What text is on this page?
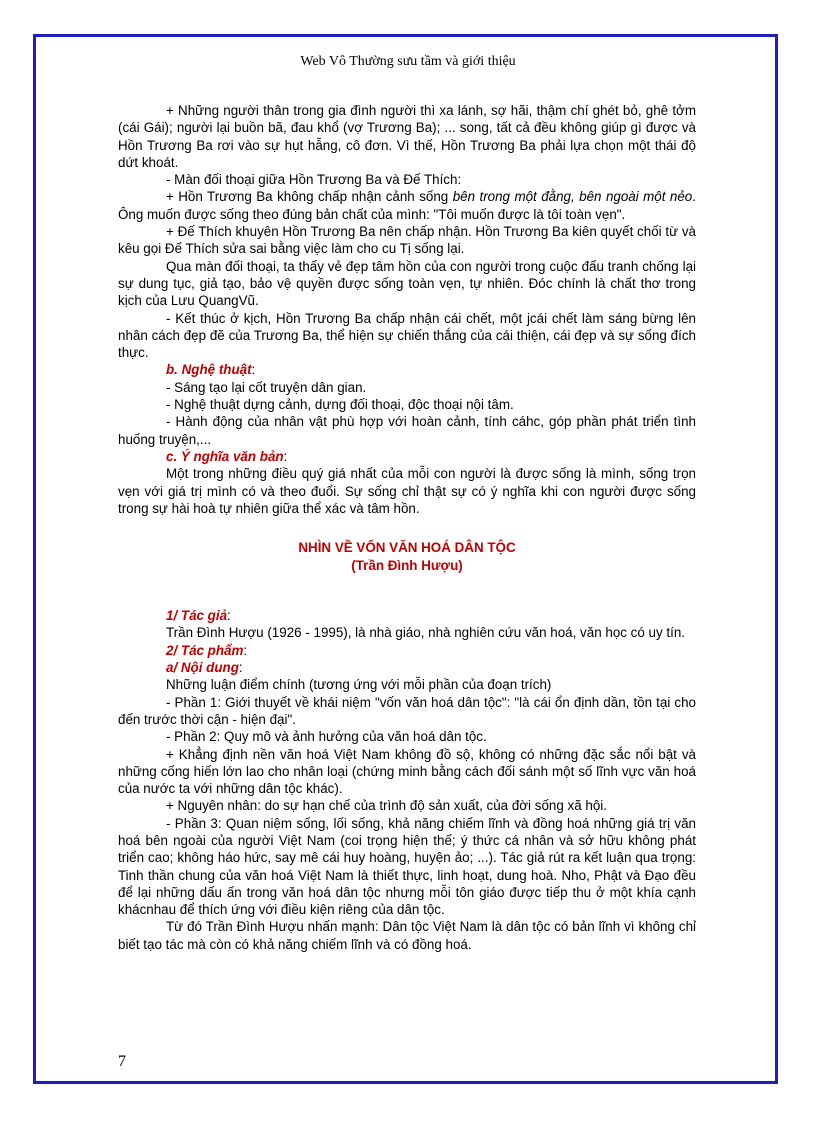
Web Vô Thường sưu tầm và giới thiệu

+ Những người thân trong gia đình người thì xa lánh, sợ hãi, thậm chí ghét bỏ, ghê tởm (cái Gái); người lại buồn bã, đau khổ (vợ Trương Ba); ... song, tất cả đều không giúp gì được và Hồn Trương Ba rơi vào sự hụt hẫng, cô đơn. Vì thế, Hồn Trương Ba phải lựa chọn một thái độ dứt khoát.

- Màn đối thoại giữa Hồn Trương Ba và Đế Thích:

+ Hồn Trương Ba không chấp nhận cảnh sống bên trong một đằng, bên ngoài một nẻo. Ông muốn được sống theo đúng bản chất của mình: "Tôi muốn được là tôi toàn vẹn".

+ Đế Thích khuyên Hồn Trương Ba nên chấp nhận. Hồn Trương Ba kiên quyết chối từ và kêu gọi Đế Thích sửa sai bằng việc làm cho cu Tị sống lại.

Qua màn đối thoại, ta thấy vẻ đẹp tâm hồn của con người trong cuộc đấu tranh chống lại sự dung tục, giả tạo, bảo vệ quyền được sống toàn vẹn, tự nhiên. Đóc chính là chất thơ trong kịch của Lưu QuangVũ.

- Kết thúc ở kịch, Hồn Trương Ba chấp nhận cái chết, một jcái chết làm sáng bừng lên nhân cách đẹp đẽ của Trương Ba, thể hiện sự chiến thắng của cái thiện, cái đẹp và sự sống đích thực.

b. Nghệ thuật:

- Sáng tạo lại cốt truyện dân gian.

- Nghệ thuật dựng cảnh, dựng đối thoại, độc thoại nội tâm.

- Hành động của nhân vật phù hợp với hoàn cảnh, tính cáhc, góp phần phát triển tình huống truyện,...

c. Ý nghĩa văn bản:

Một trong những điều quý giá nhất của mỗi con người là được sống là mình, sống trọn vẹn với giá trị mình có và theo đuổi. Sự sống chỉ thật sự có ý nghĩa khi con người được sống trong sự hài hoà tự nhiên giữa thể xác và tâm hồn.

NHÌN VỀ VỐN VĂN HOÁ DÂN TỘC
(Trần Đình Hượu)

1/ Tác giả:

Trần Đình Hượu (1926 - 1995), là nhà giáo, nhà nghiên cứu văn hoá, văn học có uy tín.

2/ Tác phẩm:

a/ Nội dung:

Những luận điểm chính (tương ứng với mỗi phần của đoạn trích)

- Phần 1: Giới thuyết về khái niệm "vốn văn hoá dân tộc": "là cái ổn định dần, tồn tại cho đến trước thời cận - hiện đại".

- Phần 2: Quy mô và ảnh hưởng của văn hoá dân tộc.

+ Khẳng định nền văn hoá Việt Nam không đồ sộ, không có những đặc sắc nổi bật và những cống hiến lớn lao cho nhân loại (chứng minh bằng cách đối sánh một số lĩnh vực văn hoá của nước ta với những dân tộc khác).

+ Nguyên nhân: do sự hạn chế của trình độ sản xuất, của đời sống xã hội.

- Phần 3: Quan niệm sống, lối sống, khả năng chiếm lĩnh và đồng hoá những giá trị văn hoá bên ngoài của người Việt Nam (coi trọng hiện thế; ý thức cá nhân và sở hữu không phát triển cao; không háo hức, say mê cái huy hoàng, huyện ảo; ...). Tác giả rút ra kết luận qua trọng: Tinh thần chung của văn hoá Việt Nam là thiết thực, linh hoạt, dung hoà. Nho, Phật và Đạo đều để lại những dấu ấn trong văn hoá dân tộc nhưng mỗi tôn giáo được tiếp thu ở một khía cạnh khácnhau để thích ứng với điều kiện riêng của dân tộc.

Từ đó Trần Đình Hượu nhấn mạnh: Dân tộc Việt Nam là dân tộc có bản lĩnh vì không chỉ biết tạo tác mà còn có khả năng chiếm lĩnh và có đồng hoá.

7
